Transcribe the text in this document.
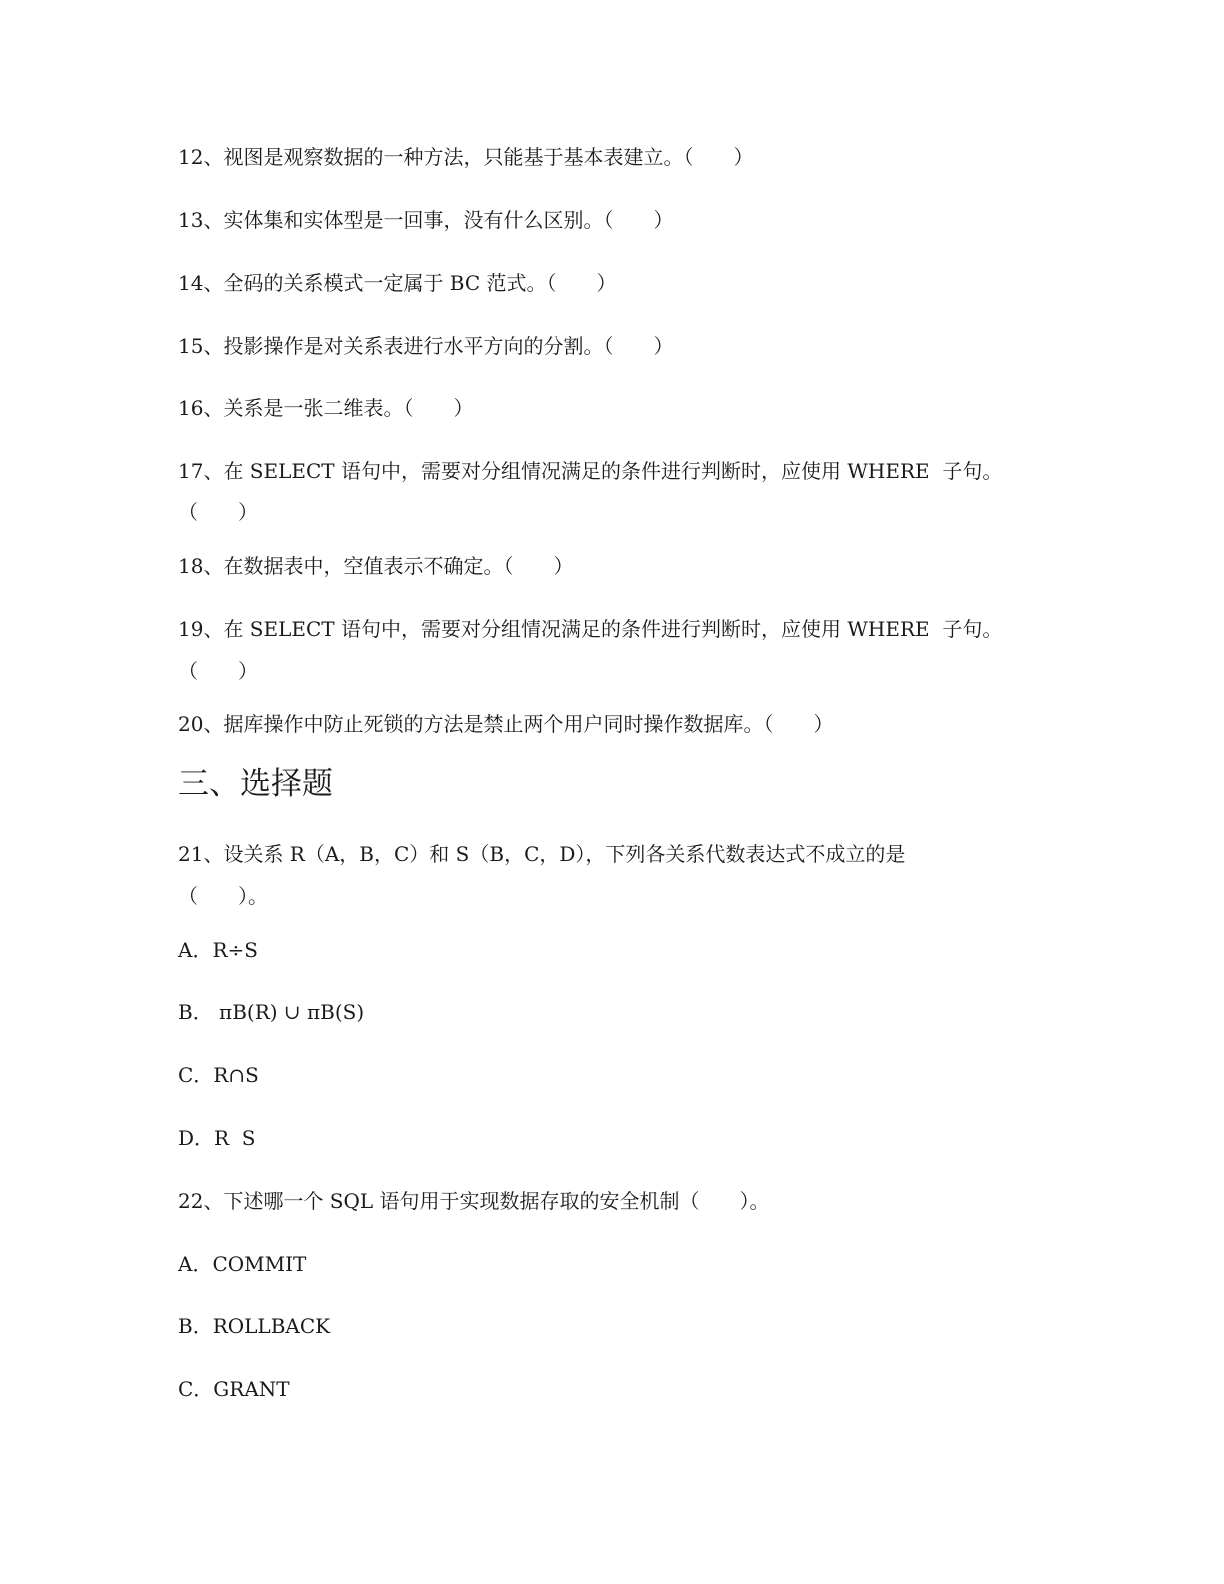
12、视图是观察数据的一种方法，只能基于基本表建立。（　　）
13、实体集和实体型是一回事，没有什么区别。（　　）
14、全码的关系模式一定属于 BC 范式。（　　）
15、投影操作是对关系表进行水平方向的分割。（　　）
16、关系是一张二维表。（　　）
17、在 SELECT 语句中，需要对分组情况满足的条件进行判断时，应使用 WHERE  子句。
（　　）
18、在数据表中，空值表示不确定。（　　）
19、在 SELECT 语句中，需要对分组情况满足的条件进行判断时，应使用 WHERE  子句。
（　　）
20、据库操作中防止死锁的方法是禁止两个用户同时操作数据库。（　　）
三、选择题
21、设关系 R（A，B，C）和 S（B，C，D），下列各关系代数表达式不成立的是
（　　）。
A．R÷S
B． πB(R) ∪ πB(S)
C．R∩S
D．R  S
22、下述哪一个 SQL 语句用于实现数据存取的安全机制（　　）。
A．COMMIT
B．ROLLBACK
C．GRANT
